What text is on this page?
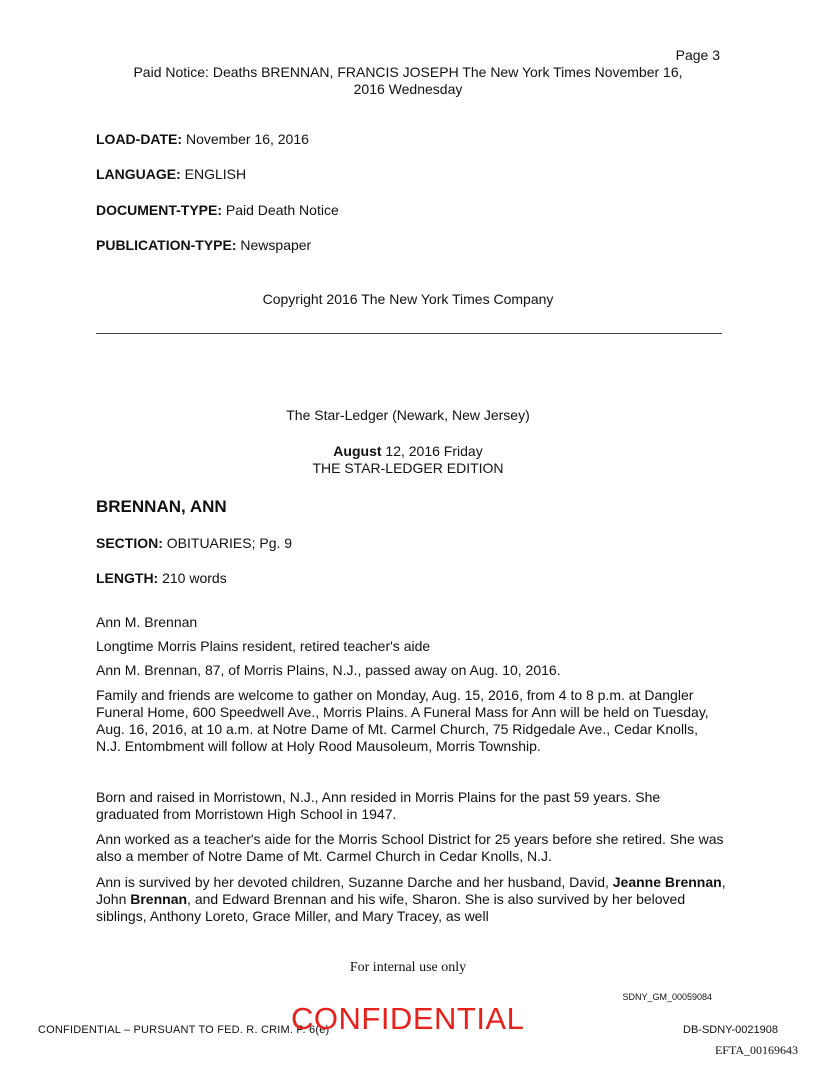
Page 3
Paid Notice: Deaths BRENNAN, FRANCIS JOSEPH The New York Times November 16,
2016 Wednesday
LOAD-DATE: November 16, 2016
LANGUAGE: ENGLISH
DOCUMENT-TYPE: Paid Death Notice
PUBLICATION-TYPE: Newspaper
Copyright 2016 The New York Times Company
The Star-Ledger (Newark, New Jersey)
August 12, 2016 Friday
THE STAR-LEDGER EDITION
BRENNAN, ANN
SECTION: OBITUARIES; Pg. 9
LENGTH: 210 words
Ann M. Brennan
Longtime Morris Plains resident, retired teacher's aide
Ann M. Brennan, 87, of Morris Plains, N.J., passed away on Aug. 10, 2016.
Family and friends are welcome to gather on Monday, Aug. 15, 2016, from 4 to 8 p.m. at Dangler Funeral Home, 600 Speedwell Ave., Morris Plains. A Funeral Mass for Ann will be held on Tuesday, Aug. 16, 2016, at 10 a.m. at Notre Dame of Mt. Carmel Church, 75 Ridgedale Ave., Cedar Knolls, N.J. Entombment will follow at Holy Rood Mausoleum, Morris Township.
Born and raised in Morristown, N.J., Ann resided in Morris Plains for the past 59 years. She graduated from Morristown High School in 1947.
Ann worked as a teacher's aide for the Morris School District for 25 years before she retired. She was also a member of Notre Dame of Mt. Carmel Church in Cedar Knolls, N.J.
Ann is survived by her devoted children, Suzanne Darche and her husband, David, Jeanne Brennan, John Brennan, and Edward Brennan and his wife, Sharon. She is also survived by her beloved siblings, Anthony Loreto, Grace Miller, and Mary Tracey, as well
For internal use only
SDNY_GM_00059084
CONFIDENTIAL – PURSUANT TO FED. R. CRIM. P. 6(e)
CONFIDENTIAL	DB-SDNY-0021908
EFTA_00169643
